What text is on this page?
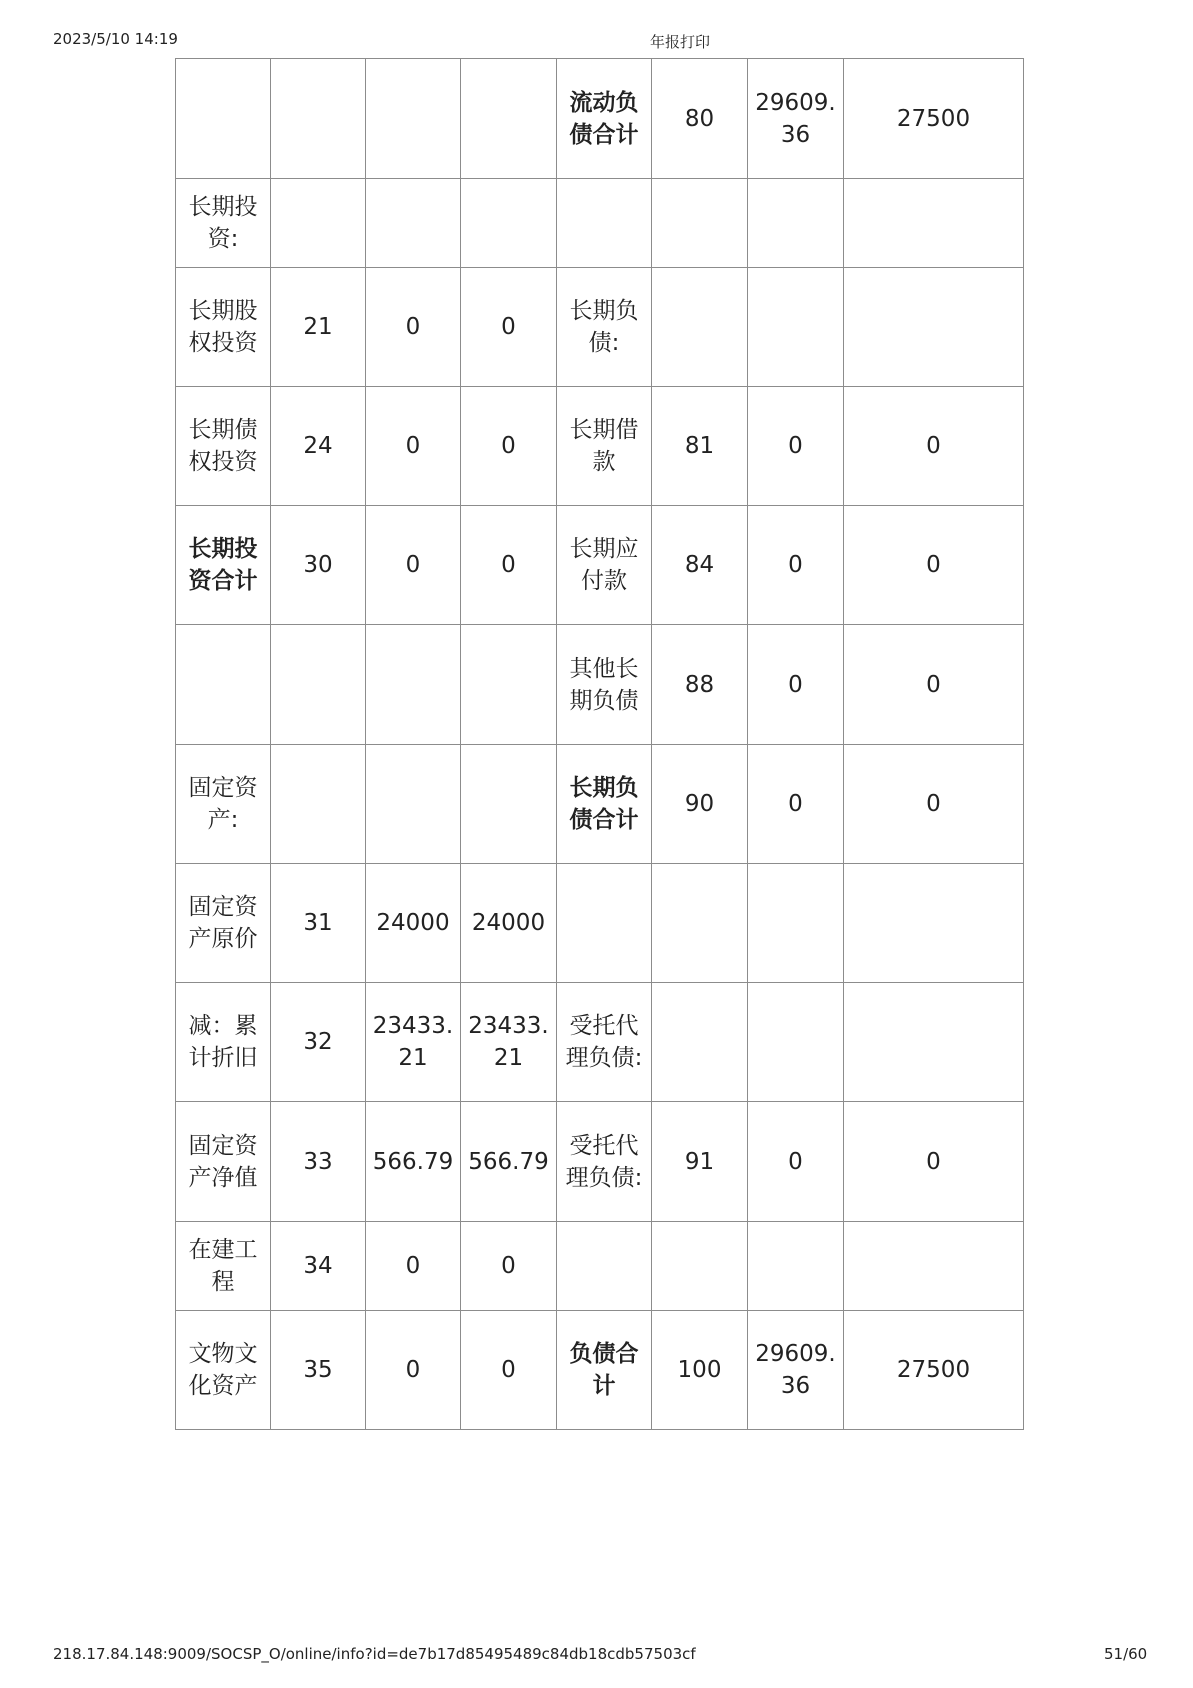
2023/5/10 14:19	年报打印
				流动负债合计	80	29609.36	27500
长期投资:							
长期股权投资	21	0	0	长期负债:			
长期债权投资	24	0	0	长期借款	81	0	0
长期投资合计	30	0	0	长期应付款	84	0	0
				其他长期负债	88	0	0
固定资产:				长期负债合计	90	0	0
固定资产原价	31	24000	24000				
减：累计折旧	32	23433.21	23433.21	受托代理负债:			
固定资产净值	33	566.79	566.79	受托代理负债:	91	0	0
在建工程	34	0	0				
文物文化资产	35	0	0	负债合计	100	29609.36	27500
218.17.84.148:9009/SOCSP_O/online/info?id=de7b17d85495489c84db18cdb57503cf	51/60
